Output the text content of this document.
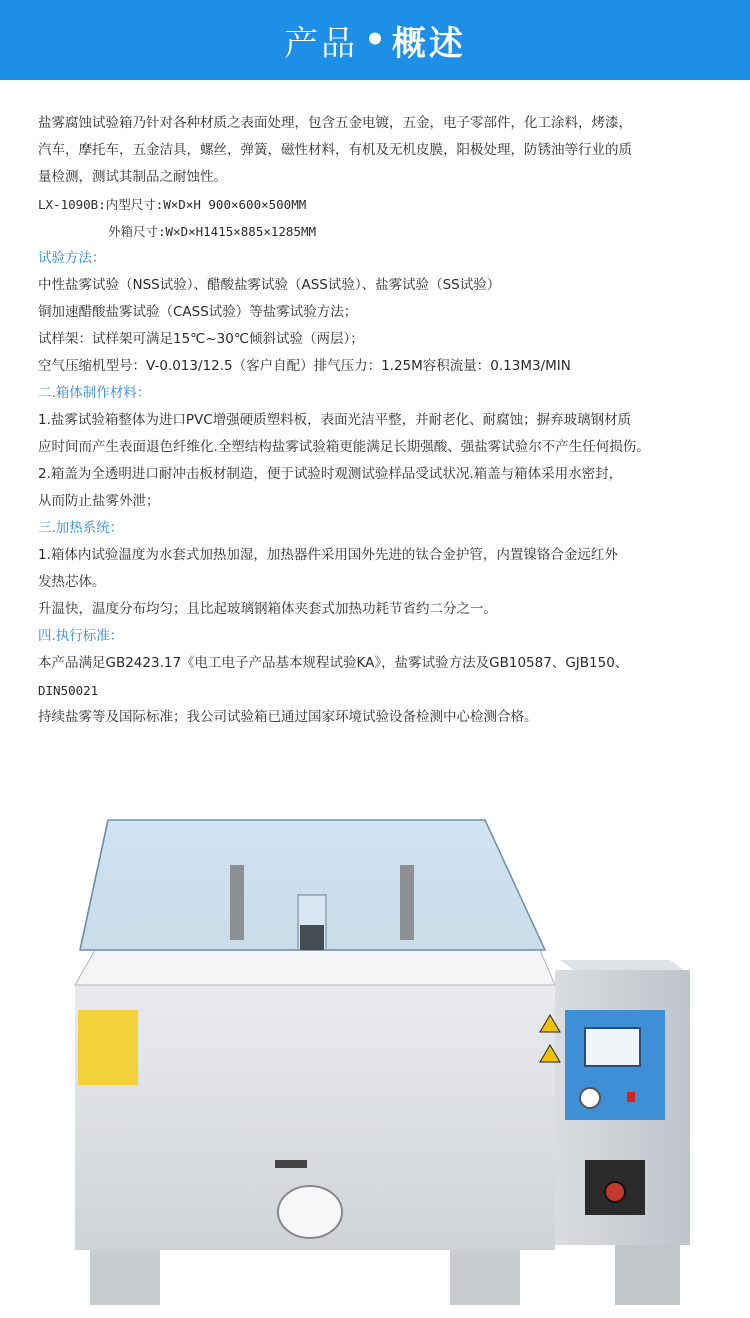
产品 • 概述
盐雾腐蚀试验箱乃针对各种材质之表面处理，包含五金电镀，五金，电子零部件，化工涂料，烤漆，
汽车，摩托车，五金洁具，螺丝，弹簧，磁性材料，有机及无机皮膜，阳极处理，防锈油等行业的质
量检测，测试其制品之耐蚀性。
LX-1090B:内型尺寸:W×D×H 900×600×500MM
外箱尺寸:W×D×H1415×885×1285MM
试验方法：
中性盐雾试验（NSS试验）、醋酸盐雾试验（ASS试验）、盐雾试验（SS试验）
铜加速醋酸盐雾试验（CASS试验）等盐雾试验方法；
试样架：试样架可满足15℃~30℃倾斜试验（两层）；
空气压缩机型号：V-0.013/12.5（客户自配）排气压力：1.25M容积流量：0.13M3/MIN
二.箱体制作材料：
1.盐雾试验箱整体为进口PVC增强硬质塑料板，表面光洁平整，并耐老化、耐腐蚀；摒弃玻璃钢材质
应时间而产生表面退色纤维化.全塑结构盐雾试验箱更能满足长期强酸、强盐雾试验尔不产生任何损伤。
2.箱盖为全透明进口耐冲击板材制造，便于试验时观测试验样品受试状况.箱盖与箱体采用水密封，
从而防止盐雾外泄；
三.加热系统：
1.箱体内试验温度为水套式加热加湿，加热器件采用国外先进的钛合金护管，内置镍铬合金远红外
发热芯体。
升温快，温度分布均匀；且比起玻璃钢箱体夹套式加热功耗节省约二分之一。
四.执行标准：
本产品满足GB2423.17《电工电子产品基本规程试验KA》，盐雾试验方法及GB10587、GJB150、
DIN50021
持续盐雾等及国际标准；我公司试验箱已通过国家环境试验设备检测中心检测合格。
